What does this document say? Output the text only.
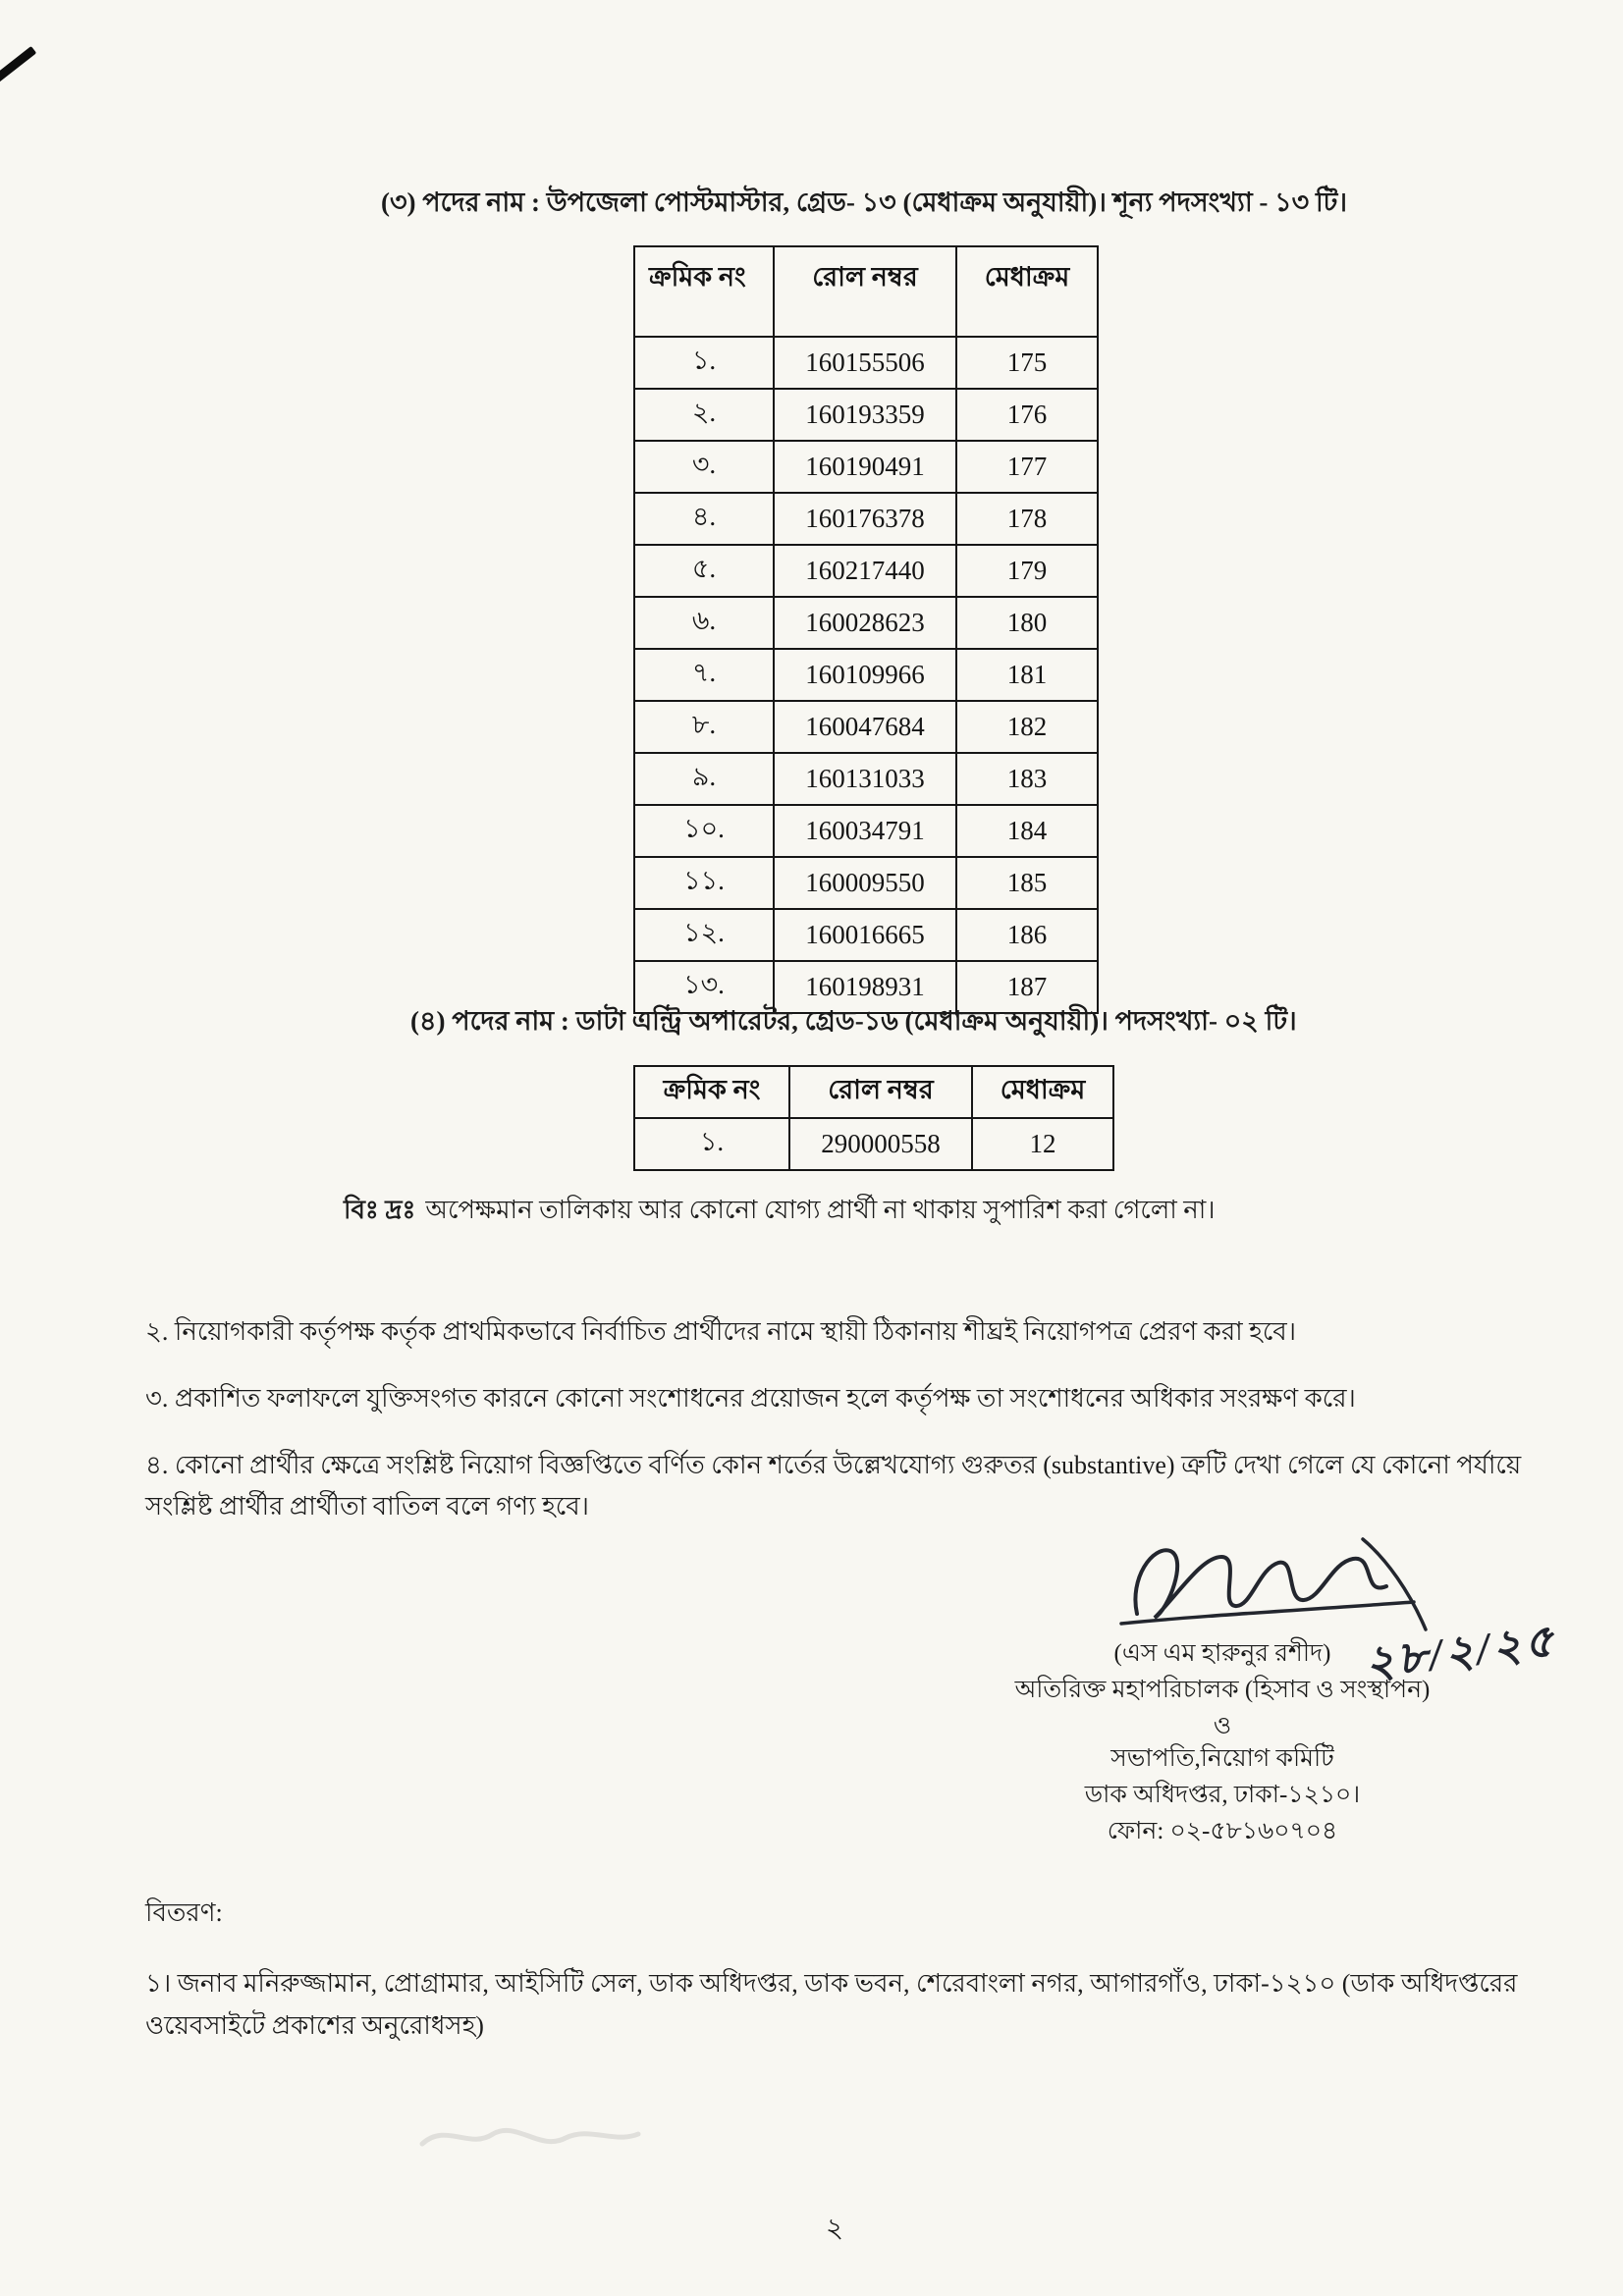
(৩) পদের নাম : উপজেলা পোস্টমাস্টার, গ্রেড- ১৩ (মেধাক্রম অনুযায়ী)। শূন্য পদসংখ্যা - ১৩ টি।
ক্রমিক নং	রোল নম্বর	মেধাক্রম
১.	160155506	175
২.	160193359	176
৩.	160190491	177
৪.	160176378	178
৫.	160217440	179
৬.	160028623	180
৭.	160109966	181
৮.	160047684	182
৯.	160131033	183
১০.	160034791	184
১১.	160009550	185
১২.	160016665	186
১৩.	160198931	187
(৪) পদের নাম : ডাটা এন্ট্রি অপারেটর, গ্রেড-১৬ (মেধাক্রম অনুযায়ী)। পদসংখ্যা- ০২ টি।
ক্রমিক নং	রোল নম্বর	মেধাক্রম
১.	290000558	12
বিঃ দ্রঃ অপেক্ষমান তালিকায় আর কোনো যোগ্য প্রার্থী না থাকায় সুপারিশ করা গেলো না।
২. নিয়োগকারী কর্তৃপক্ষ কর্তৃক প্রাথমিকভাবে নির্বাচিত প্রার্থীদের নামে স্থায়ী ঠিকানায় শীঘ্রই নিয়োগপত্র প্রেরণ করা হবে।
৩. প্রকাশিত ফলাফলে যুক্তিসংগত কারনে কোনো সংশোধনের প্রয়োজন হলে কর্তৃপক্ষ তা সংশোধনের অধিকার সংরক্ষণ করে।
৪. কোনো প্রার্থীর ক্ষেত্রে সংশ্লিষ্ট নিয়োগ বিজ্ঞপ্তিতে বর্ণিত কোন শর্তের উল্লেখযোগ্য গুরুতর (substantive) ত্রুটি দেখা গেলে যে কোনো পর্যায়ে সংশ্লিষ্ট প্রার্থীর প্রার্থীতা বাতিল বলে গণ্য হবে।
২৮/২/২৫
(এস এম হারুনুর রশীদ)
অতিরিক্ত মহাপরিচালক (হিসাব ও সংস্থাপন)
ও
সভাপতি,নিয়োগ কমিটি
ডাক অধিদপ্তর, ঢাকা-১২১০।
ফোন: ০২-৫৮১৬০৭০৪
বিতরণ:
১। জনাব মনিরুজ্জামান, প্রোগ্রামার, আইসিটি সেল, ডাক অধিদপ্তর, ডাক ভবন, শেরেবাংলা নগর, আগারগাঁও, ঢাকা-১২১০ (ডাক অধিদপ্তরের ওয়েবসাইটে প্রকাশের অনুরোধসহ)
২
